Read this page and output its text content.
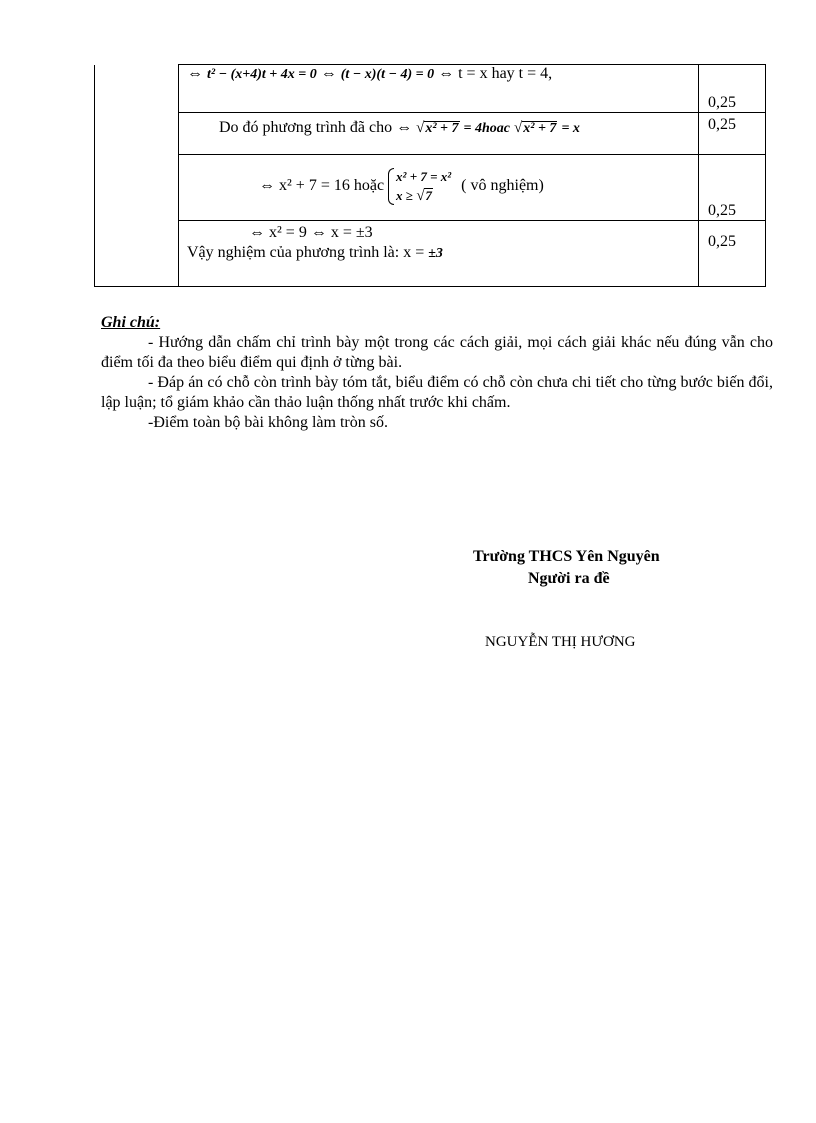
	⇔ t² − (x+4)t + 4x = 0 ⇔ (t − x)(t − 4) = 0 ⇔ t = x hay t = 4,	0,25
	Do đó phương trình đã cho ⇔ √x² + 7 = 4hoac √x² + 7 = x	0,25
	⇔ x² + 7 = 16 hoặc x² + 7 = x²
x ≥ √7 ( vô nghiệm)	0,25

	⇔ x² = 9 ⇔ x = ±3
Vậy nghiệm của phương trình là: x = ±3	0,25
Ghi chú:

- Hướng dẫn chấm chỉ trình bày một trong các cách giải, mọi cách giải khác nếu đúng vẫn cho điểm tối đa theo biểu điểm qui định ở từng bài.

- Đáp án có chỗ còn trình bày tóm tắt, biểu điểm có chỗ còn chưa chi tiết cho từng bước biến đổi, lập luận; tổ giám khảo cần thảo luận thống nhất trước khi chấm.

-Điểm toàn bộ bài không làm tròn số.

Trường THCS Yên Nguyên
Người ra đề
NGUYỄN THỊ HƯƠNG
